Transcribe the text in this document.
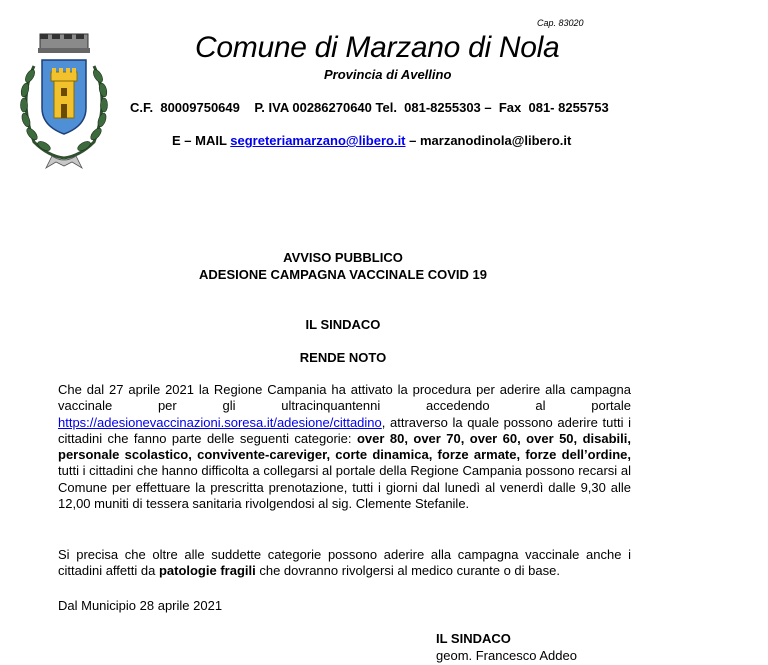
Cap. 83020
Comune di Marzano di Nola
Provincia di Avellino
C.F.  80009750649    P. IVA 00286270640 Tel.  081-8255303 –  Fax  081- 8255753
E – MAIL segreteriamarzano@libero.it – marzanodinola@libero.it
AVVISO PUBBLICO
ADESIONE CAMPAGNA VACCINALE COVID 19
IL SINDACO
RENDE NOTO
Che dal 27 aprile 2021 la Regione Campania ha attivato la procedura per aderire alla campagna vaccinale per gli ultracinquantenni accedendo al portale https://adesionevaccinazioni.soresa.it/adesione/cittadino, attraverso la quale possono aderire tutti i cittadini che fanno parte delle seguenti categorie: over 80, over 70, over 60, over 50, disabili, personale scolastico, convivente-careviger, corte dinamica, forze armate, forze dell’ordine, tutti i cittadini che hanno difficolta a collegarsi al portale della Regione Campania possono recarsi al Comune per effettuare la prescritta prenotazione, tutti i giorni dal lunedì al venerdì dalle 9,30 alle 12,00 muniti di tessera sanitaria rivolgendosi al sig. Clemente Stefanile.
Si precisa che oltre alle suddette categorie possono aderire alla campagna vaccinale anche i cittadini affetti da patologie fragili che dovranno rivolgersi al medico curante o di base.
Dal Municipio 28 aprile 2021
IL SINDACO
geom. Francesco Addeo
